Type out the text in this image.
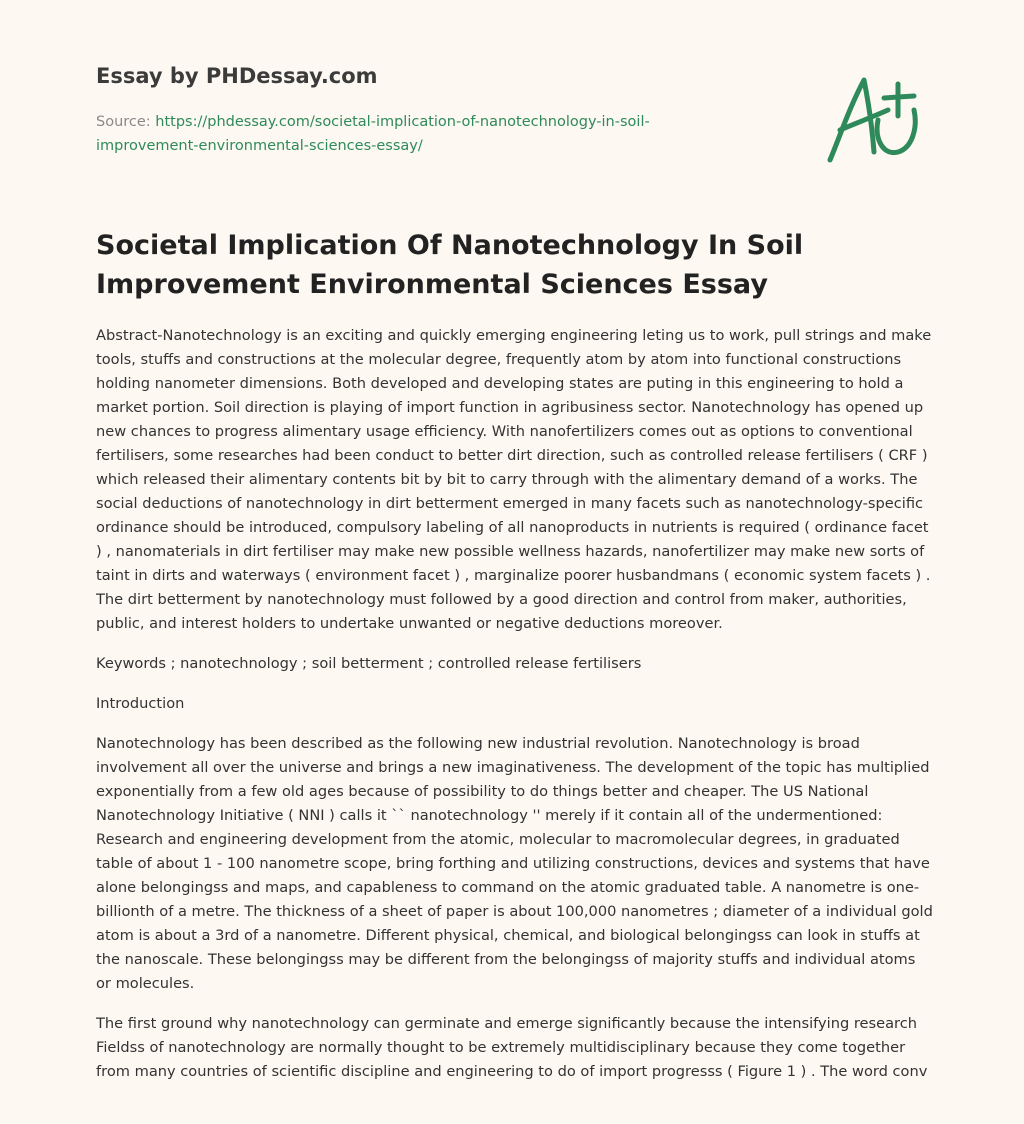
Essay by PHDessay.com

Source: https://phdessay.com/societal-implication-of-nanotechnology-in-soil-improvement-environmental-sciences-essay/

Societal Implication Of Nanotechnology In Soil Improvement Environmental Sciences Essay

Abstract-Nanotechnology is an exciting and quickly emerging engineering leting us to work, pull strings and make tools, stuffs and constructions at the molecular degree, frequently atom by atom into functional constructions holding nanometer dimensions. Both developed and developing states are puting in this engineering to hold a market portion. Soil direction is playing of import function in agribusiness sector. Nanotechnology has opened up new chances to progress alimentary usage efficiency. With nanofertilizers comes out as options to conventional fertilisers, some researches had been conduct to better dirt direction, such as controlled release fertilisers ( CRF ) which released their alimentary contents bit by bit to carry through with the alimentary demand of a works. The social deductions of nanotechnology in dirt betterment emerged in many facets such as nanotechnology-specific ordinance should be introduced, compulsory labeling of all nanoproducts in nutrients is required ( ordinance facet ) , nanomaterials in dirt fertiliser may make new possible wellness hazards, nanofertilizer may make new sorts of taint in dirts and waterways ( environment facet ) , marginalize poorer husbandmans ( economic system facets ) . The dirt betterment by nanotechnology must followed by a good direction and control from maker, authorities, public, and interest holders to undertake unwanted or negative deductions moreover.

Keywords ; nanotechnology ; soil betterment ; controlled release fertilisers

Introduction

Nanotechnology has been described as the following new industrial revolution. Nanotechnology is broad involvement all over the universe and brings a new imaginativeness. The development of the topic has multiplied exponentially from a few old ages because of possibility to do things better and cheaper. The US National Nanotechnology Initiative ( NNI ) calls it `` nanotechnology '' merely if it contain all of the undermentioned: Research and engineering development from the atomic, molecular to macromolecular degrees, in graduated table of about 1 - 100 nanometre scope, bring forthing and utilizing constructions, devices and systems that have alone belongingss and maps, and capableness to command on the atomic graduated table. A nanometre is one-billionth of a metre. The thickness of a sheet of paper is about 100,000 nanometres ; diameter of a individual gold atom is about a 3rd of a nanometre. Different physical, chemical, and biological belongingss can look in stuffs at the nanoscale. These belongingss may be different from the belongingss of majority stuffs and individual atoms or molecules.

The first ground why nanotechnology can germinate and emerge significantly because the intensifying research Fieldss of nanotechnology are normally thought to be extremely multidisciplinary because they come together from many countries of scientific discipline and engineering to do of import progresss ( Figure 1 ) . The word conv
